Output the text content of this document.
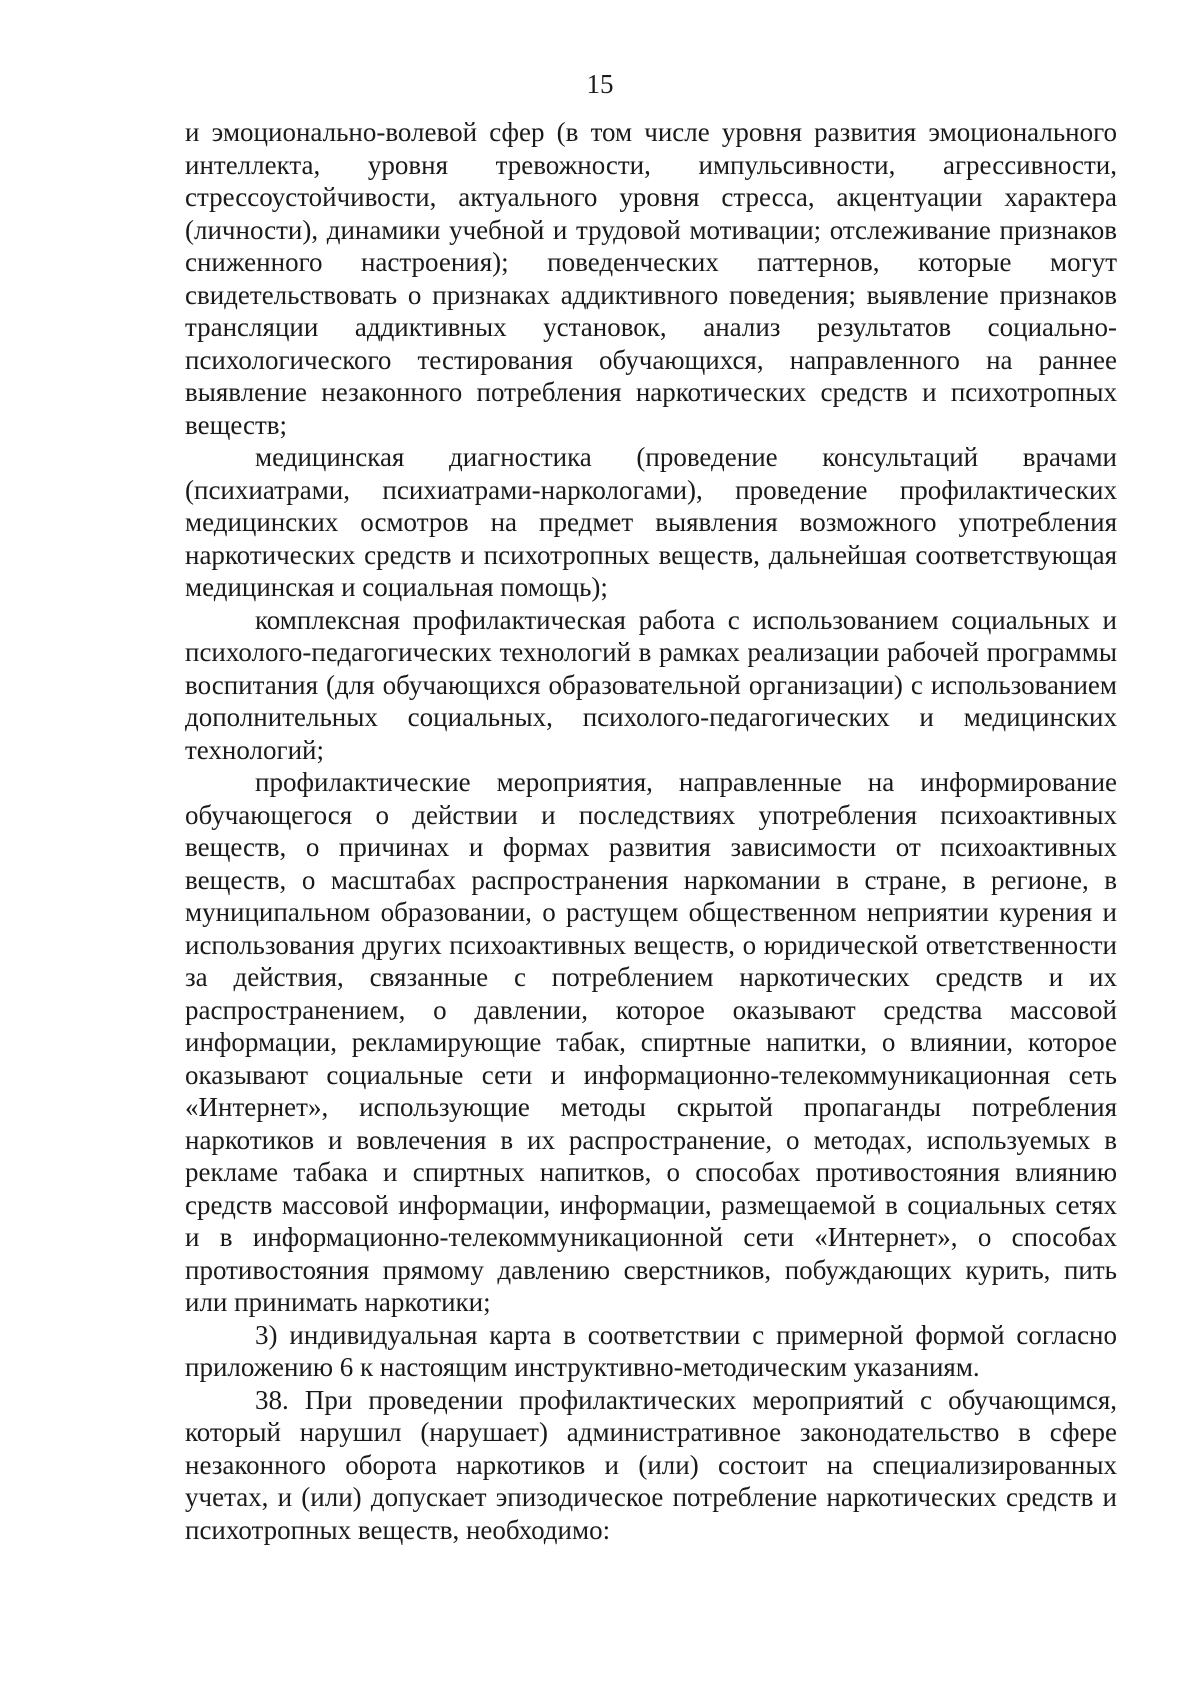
15

и эмоционально-волевой сфер (в том числе уровня развития эмоционального интеллекта, уровня тревожности, импульсивности, агрессивности, стрессоустойчивости, актуального уровня стресса, акцентуации характера (личности), динамики учебной и трудовой мотивации; отслеживание признаков сниженного настроения); поведенческих паттернов, которые могут свидетельствовать о признаках аддиктивного поведения; выявление признаков трансляции аддиктивных установок, анализ результатов социально-психологического тестирования обучающихся, направленного на раннее выявление незаконного потребления наркотических средств и психотропных веществ;

медицинская диагностика (проведение консультаций врачами (психиатрами, психиатрами-наркологами), проведение профилактических медицинских осмотров на предмет выявления возможного употребления наркотических средств и психотропных веществ, дальнейшая соответствующая медицинская и социальная помощь);

комплексная профилактическая работа с использованием социальных и психолого-педагогических технологий в рамках реализации рабочей программы воспитания (для обучающихся образовательной организации) с использованием дополнительных социальных, психолого-педагогических и медицинских технологий;

профилактические мероприятия, направленные на информирование обучающегося о действии и последствиях употребления психоактивных веществ, о причинах и формах развития зависимости от психоактивных веществ, о масштабах распространения наркомании в стране, в регионе, в муниципальном образовании, о растущем общественном неприятии курения и использования других психоактивных веществ, о юридической ответственности за действия, связанные с потреблением наркотических средств и их распространением, о давлении, которое оказывают средства массовой информации, рекламирующие табак, спиртные напитки, о влиянии, которое оказывают социальные сети и информационно-телекоммуникационная сеть «Интернет», использующие методы скрытой пропаганды потребления наркотиков и вовлечения в их распространение, о методах, используемых в рекламе табака и спиртных напитков, о способах противостояния влиянию средств массовой информации, информации, размещаемой в социальных сетях и в информационно-телекоммуникационной сети «Интернет», о способах противостояния прямому давлению сверстников, побуждающих курить, пить или принимать наркотики;

3) индивидуальная карта в соответствии с примерной формой согласно приложению 6 к настоящим инструктивно-методическим указаниям.

38. При проведении профилактических мероприятий с обучающимся, который нарушил (нарушает) административное законодательство в сфере незаконного оборота наркотиков и (или) состоит на специализированных учетах, и (или) допускает эпизодическое потребление наркотических средств и психотропных веществ, необходимо:
